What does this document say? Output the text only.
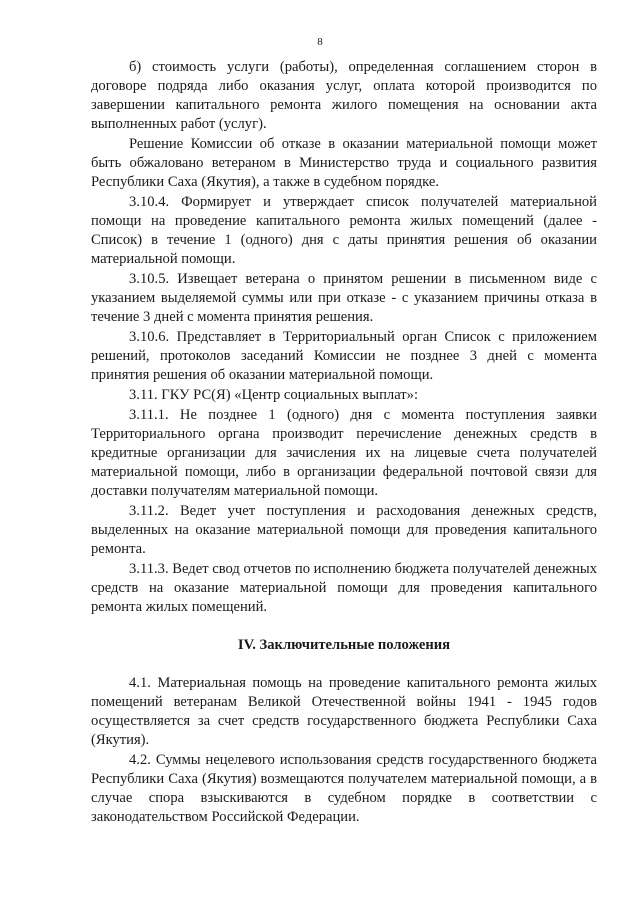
8

б) стоимость услуги (работы), определенная соглашением сторон в договоре подряда либо оказания услуг, оплата которой производится по завершении капитального ремонта жилого помещения на основании акта выполненных работ (услуг).

Решение Комиссии об отказе в оказании материальной помощи может быть обжаловано ветераном в Министерство труда и социального развития Республики Саха (Якутия), а также в судебном порядке.

3.10.4. Формирует и утверждает список получателей материальной помощи на проведение капитального ремонта жилых помещений (далее - Список) в течение 1 (одного) дня с даты принятия решения об оказании материальной помощи.

3.10.5. Извещает ветерана о принятом решении в письменном виде с указанием выделяемой суммы или при отказе - с указанием причины отказа в течение 3 дней с момента принятия решения.

3.10.6. Представляет в Территориальный орган Список с приложением решений, протоколов заседаний Комиссии не позднее 3 дней с момента принятия решения об оказании материальной помощи.

3.11. ГКУ РС(Я) «Центр социальных выплат»:

3.11.1. Не позднее 1 (одного) дня с момента поступления заявки Территориального органа производит перечисление денежных средств в кредитные организации для зачисления их на лицевые счета получателей материальной помощи, либо в организации федеральной почтовой связи для доставки получателям материальной помощи.

3.11.2. Ведет учет поступления и расходования денежных средств, выделенных на оказание материальной помощи для проведения капитального ремонта.

3.11.3. Ведет свод отчетов по исполнению бюджета получателей денежных средств на оказание материальной помощи для проведения капитального ремонта жилых помещений.

IV. Заключительные положения

4.1. Материальная помощь на проведение капитального ремонта жилых помещений ветеранам Великой Отечественной войны 1941 - 1945 годов осуществляется за счет средств государственного бюджета Республики Саха (Якутия).

4.2. Суммы нецелевого использования средств государственного бюджета Республики Саха (Якутия) возмещаются получателем материальной помощи, а в случае спора взыскиваются в судебном порядке в соответствии с законодательством Российской Федерации.
